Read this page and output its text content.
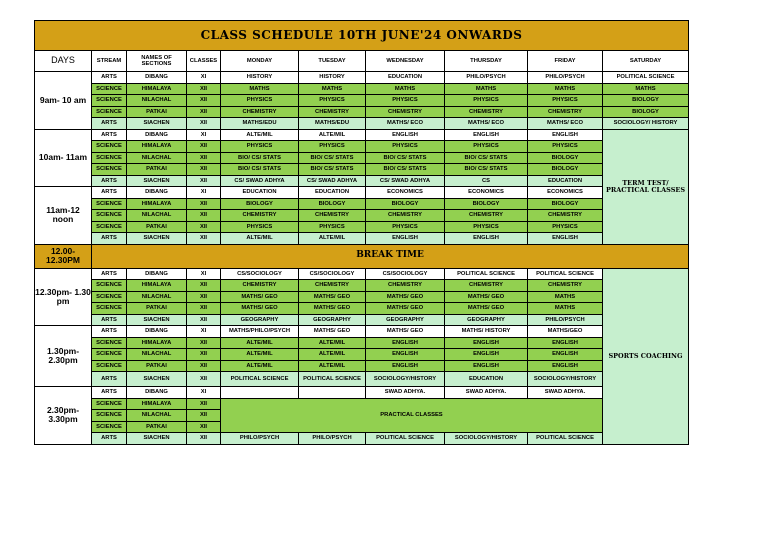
CLASS SCHEDULE 10TH JUNE'24 ONWARDS									
DAYS	STREAM	NAMES OF SECTIONS	CLASSES	MONDAY	TUESDAY	WEDNESDAY	THURSDAY	FRIDAY	SATURDAY
9am- 10 am	ARTS	DIBANG	XI	HISTORY	HISTORY	EDUCATION	PHILO/PSYCH	PHILO/PSYCH	POLITICAL SCIENCE
	SCIENCE	HIMALAYA	XII	MATHS	MATHS	MATHS	MATHS	MATHS	MATHS
	SCIENCE	NILACHAL	XII	PHYSICS	PHYSICS	PHYSICS	PHYSICS	PHYSICS	BIOLOGY
	SCIENCE	PATKAI	XII	CHEMISTRY	CHEMISTRY	CHEMISTRY	CHEMISTRY	CHEMISTRY	BIOLOGY
	ARTS	SIACHEN	XII	MATHS/EDU	MATHS/EDU	MATHS/ ECO	MATHS/ ECO	MATHS/ ECO	SOCIOLOGY/ HISTORY
10am- 11am	ARTS	DIBANG	XI	ALTE/MIL	ALTE/MIL	ENGLISH	ENGLISH	ENGLISH	TERM TEST/ PRACTICAL CLASSES
	SCIENCE	HIMALAYA	XII	PHYSICS	PHYSICS	PHYSICS	PHYSICS	PHYSICS	
	SCIENCE	NILACHAL	XII	BIO/ CS/ STATS	BIO/ CS/ STATS	BIO/ CS/ STATS	BIO/ CS/ STATS	BIOLOGY	
	SCIENCE	PATKAI	XII	BIO/ CS/ STATS	BIO/ CS/ STATS	BIO/ CS/ STATS	BIO/ CS/ STATS	BIOLOGY	
	ARTS	SIACHEN	XII	CS/ SWAD ADHYA	CS/ SWAD ADHYA	CS/ SWAD ADHYA	CS	EDUCATION	
11am-12 noon	ARTS	DIBANG	XI	EDUCATION	EDUCATION	ECONOMICS	ECONOMICS	ECONOMICS	
	SCIENCE	HIMALAYA	XII	BIOLOGY	BIOLOGY	BIOLOGY	BIOLOGY	BIOLOGY	
	SCIENCE	NILACHAL	XII	CHEMISTRY	CHEMISTRY	CHEMISTRY	CHEMISTRY	CHEMISTRY	
	SCIENCE	PATKAI	XII	PHYSICS	PHYSICS	PHYSICS	PHYSICS	PHYSICS	
	ARTS	SIACHEN	XII	ALTE/MIL	ALTE/MIL	ENGLISH	ENGLISH	ENGLISH	
12.00- 12.30PM	BREAK TIME								
12.30pm- 1.30 pm	ARTS	DIBANG	XI	CS/SOCIOLOGY	CS/SOCIOLOGY	CS/SOCIOLOGY	POLITICAL SCIENCE	POLITICAL SCIENCE	SPORTS COACHING
	SCIENCE	HIMALAYA	XII	CHEMISTRY	CHEMISTRY	CHEMISTRY	CHEMISTRY	CHEMISTRY	
	SCIENCE	NILACHAL	XII	MATHS/ GEO	MATHS/ GEO	MATHS/ GEO	MATHS/ GEO	MATHS	
	SCIENCE	PATKAI	XII	MATHS/ GEO	MATHS/ GEO	MATHS/ GEO	MATHS/ GEO	MATHS	
	ARTS	SIACHEN	XII	GEOGRAPHY	GEOGRAPHY	GEOGRAPHY	GEOGRAPHY	PHILO/PSYCH	
1.30pm- 2.30pm	ARTS	DIBANG	XI	MATHS/PHILO/PSYCH	MATHS/ GEO	MATHS/ GEO	MATHS/ HISTORY	MATHS/GEO	
	SCIENCE	HIMALAYA	XII	ALTE/MIL	ALTE/MIL	ENGLISH	ENGLISH	ENGLISH	
	SCIENCE	NILACHAL	XII	ALTE/MIL	ALTE/MIL	ENGLISH	ENGLISH	ENGLISH	
	SCIENCE	PATKAI	XII	ALTE/MIL	ALTE/MIL	ENGLISH	ENGLISH	ENGLISH	
	ARTS	SIACHEN	XII	POLITICAL SCIENCE	POLITICAL SCIENCE	SOCIOLOGY/HISTORY	EDUCATION	SOCIOLOGY/HISTORY	
2.30pm- 3.30pm	ARTS	DIBANG	XI			SWAD ADHYA.	SWAD ADHYA.	SWAD ADHYA.	
	SCIENCE	HIMALAYA	XII	PRACTICAL CLASSES					
	SCIENCE	NILACHAL	XII						
	SCIENCE	PATKAI	XII						
	ARTS	SIACHEN	XII	PHILO/PSYCH	PHILO/PSYCH	POLITICAL SCIENCE	SOCIOLOGY/HISTORY	POLITICAL SCIENCE	
